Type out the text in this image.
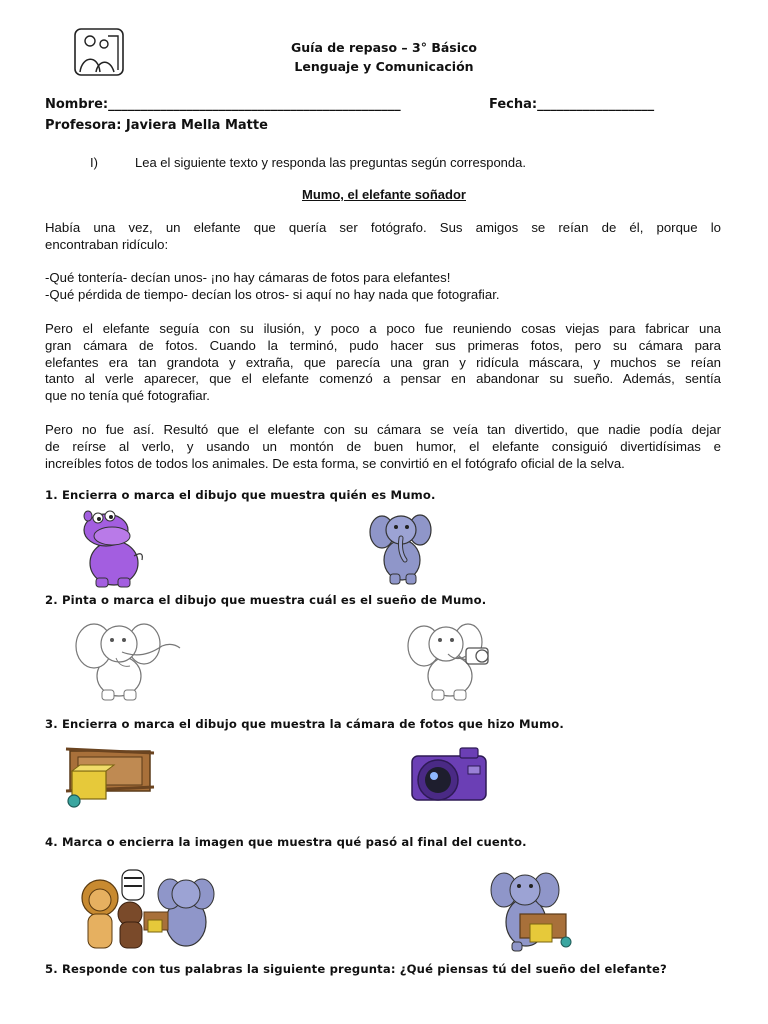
Guía de repaso – 3° Básico
Lenguaje y Comunicación
Nombre:_____________________________________________	Fecha:__________________
Profesora: Javiera Mella Matte
I)	Lea el siguiente texto y responda las preguntas según corresponda.
Mumo, el elefante soñador
Había una vez, un elefante que quería ser fotógrafo. Sus amigos se reían de él, porque lo
encontraban ridículo:
-Qué tontería- decían unos- ¡no hay cámaras de fotos para elefantes!
-Qué pérdida de tiempo- decían los otros- si aquí no hay nada que fotografiar.
Pero el elefante seguía con su ilusión, y poco a poco fue reuniendo cosas viejas para fabricar una
gran cámara de fotos. Cuando la terminó, pudo hacer sus primeras fotos, pero su cámara para
elefantes era tan grandota y extraña, que parecía una gran y ridícula máscara, y muchos se reían
tanto al verle aparecer, que el elefante comenzó a pensar en abandonar su sueño. Además, sentía
que no tenía qué fotografiar.
Pero no fue así. Resultó que el elefante con su cámara se veía tan divertido, que nadie podía dejar
de reírse al verlo, y usando un montón de buen humor, el elefante consiguió divertidísimas e
increíbles fotos de todos los animales. De esta forma, se convirtió en el fotógrafo oficial de la selva.
1. Encierra o marca el dibujo que muestra quién es Mumo.
2. Pinta o marca el dibujo que muestra cuál es el sueño de Mumo.
3. Encierra o marca el dibujo que muestra la cámara de fotos que hizo Mumo.
4. Marca o encierra la imagen que muestra qué pasó al final del cuento.
5. Responde con tus palabras la siguiente pregunta: ¿Qué piensas tú del sueño del elefante?
